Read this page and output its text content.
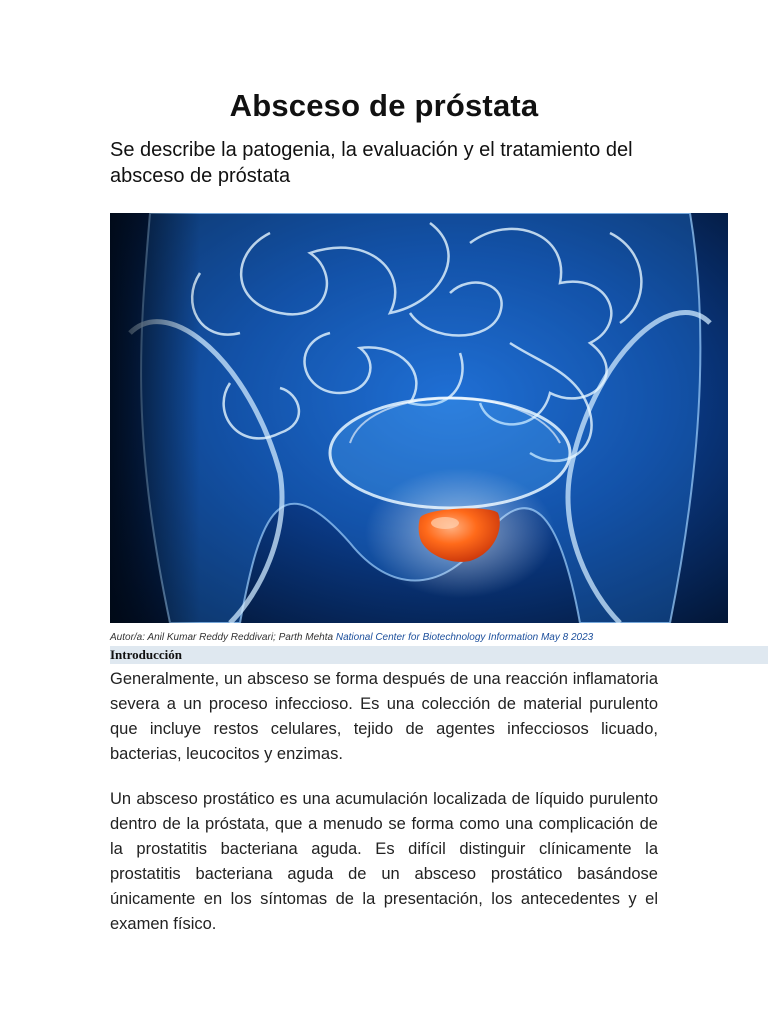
Absceso de próstata
Se describe la patogenia, la evaluación y el tratamiento del absceso de próstata
Autor/a: Anil Kumar Reddy Reddivari; Parth Mehta National Center for Biotechnology Information May 8 2023
Introducción

Generalmente, un absceso se forma después de una reacción inflamatoria severa a un proceso infeccioso. Es una colección de material purulento que incluye restos celulares, tejido de agentes infecciosos licuado, bacterias, leucocitos y enzimas.

Un absceso prostático es una acumulación localizada de líquido purulento dentro de la próstata, que a menudo se forma como una complicación de la prostatitis bacteriana aguda. Es difícil distinguir clínicamente la prostatitis bacteriana aguda de un absceso prostático basándose únicamente en los síntomas de la presentación, los antecedentes y el examen físico.
